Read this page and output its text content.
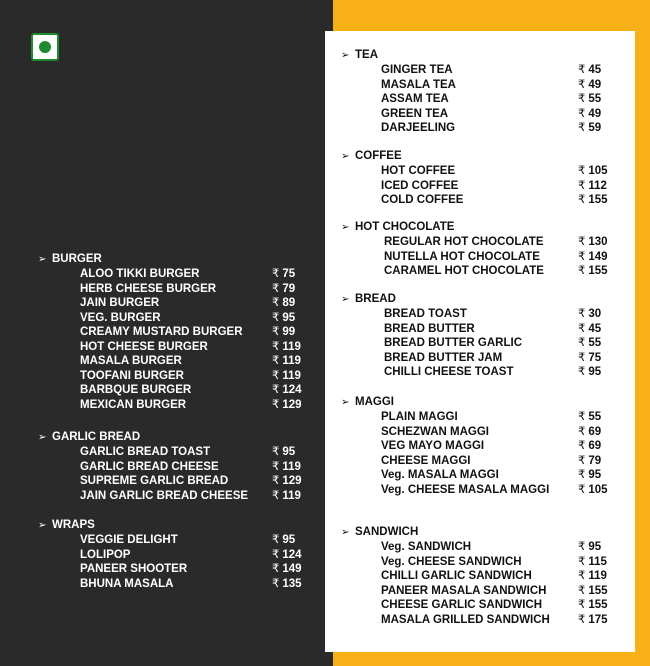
➢ BURGER
ALOO TIKKI BURGER	₹ 75
HERB CHEESE BURGER	₹ 79
JAIN BURGER	₹ 89
VEG. BURGER	₹ 95
CREAMY MUSTARD BURGER	₹ 99
HOT CHEESE BURGER	₹ 119
MASALA BURGER	₹ 119
TOOFANI BURGER	₹ 119
BARBQUE BURGER	₹ 124
MEXICAN BURGER	₹ 129
➢ GARLIC BREAD
GARLIC BREAD TOAST	₹ 95
GARLIC BREAD CHEESE	₹ 119
SUPREME GARLIC BREAD	₹ 129
JAIN GARLIC BREAD CHEESE ₹ 119
➢ WRAPS
VEGGIE DELIGHT	₹ 95
LOLIPOP	₹ 124
PANEER SHOOTER	₹ 149
BHUNA MASALA	₹ 135
➢ TEA
GINGER TEA	₹ 45
MASALA TEA	₹ 49
ASSAM TEA	₹ 55
GREEN TEA	₹ 49
DARJEELING	₹ 59
➢ COFFEE
HOT COFFEE	₹ 105
ICED COFFEE	₹ 112
COLD COFFEE	₹ 155
➢ HOT CHOCOLATE
REGULAR HOT CHOCOLATE	₹ 130
NUTELLA HOT CHOCOLATE	₹ 149
CARAMEL HOT CHOCOLATE	₹ 155
➢ BREAD
BREAD TOAST	₹ 30
BREAD BUTTER	₹ 45
BREAD BUTTER GARLIC	₹ 55
BREAD BUTTER JAM	₹ 75
CHILLI CHEESE TOAST	₹ 95
➢ MAGGI
PLAIN MAGGI	₹ 55
SCHEZWAN MAGGI	₹ 69
VEG MAYO MAGGI	₹ 69
CHEESE MAGGI	₹ 79
Veg. MASALA MAGGI	₹ 95
Veg. CHEESE MASALA MAGGI ₹ 105
➢ SANDWICH
Veg. SANDWICH	₹ 95
Veg. CHEESE SANDWICH	₹ 115
CHILLI GARLIC SANDWICH	₹ 119
PANEER MASALA SANDWICH	₹ 155
CHEESE GARLIC SANDWICH	₹ 155
MASALA GRILLED SANDWICH ₹ 175
